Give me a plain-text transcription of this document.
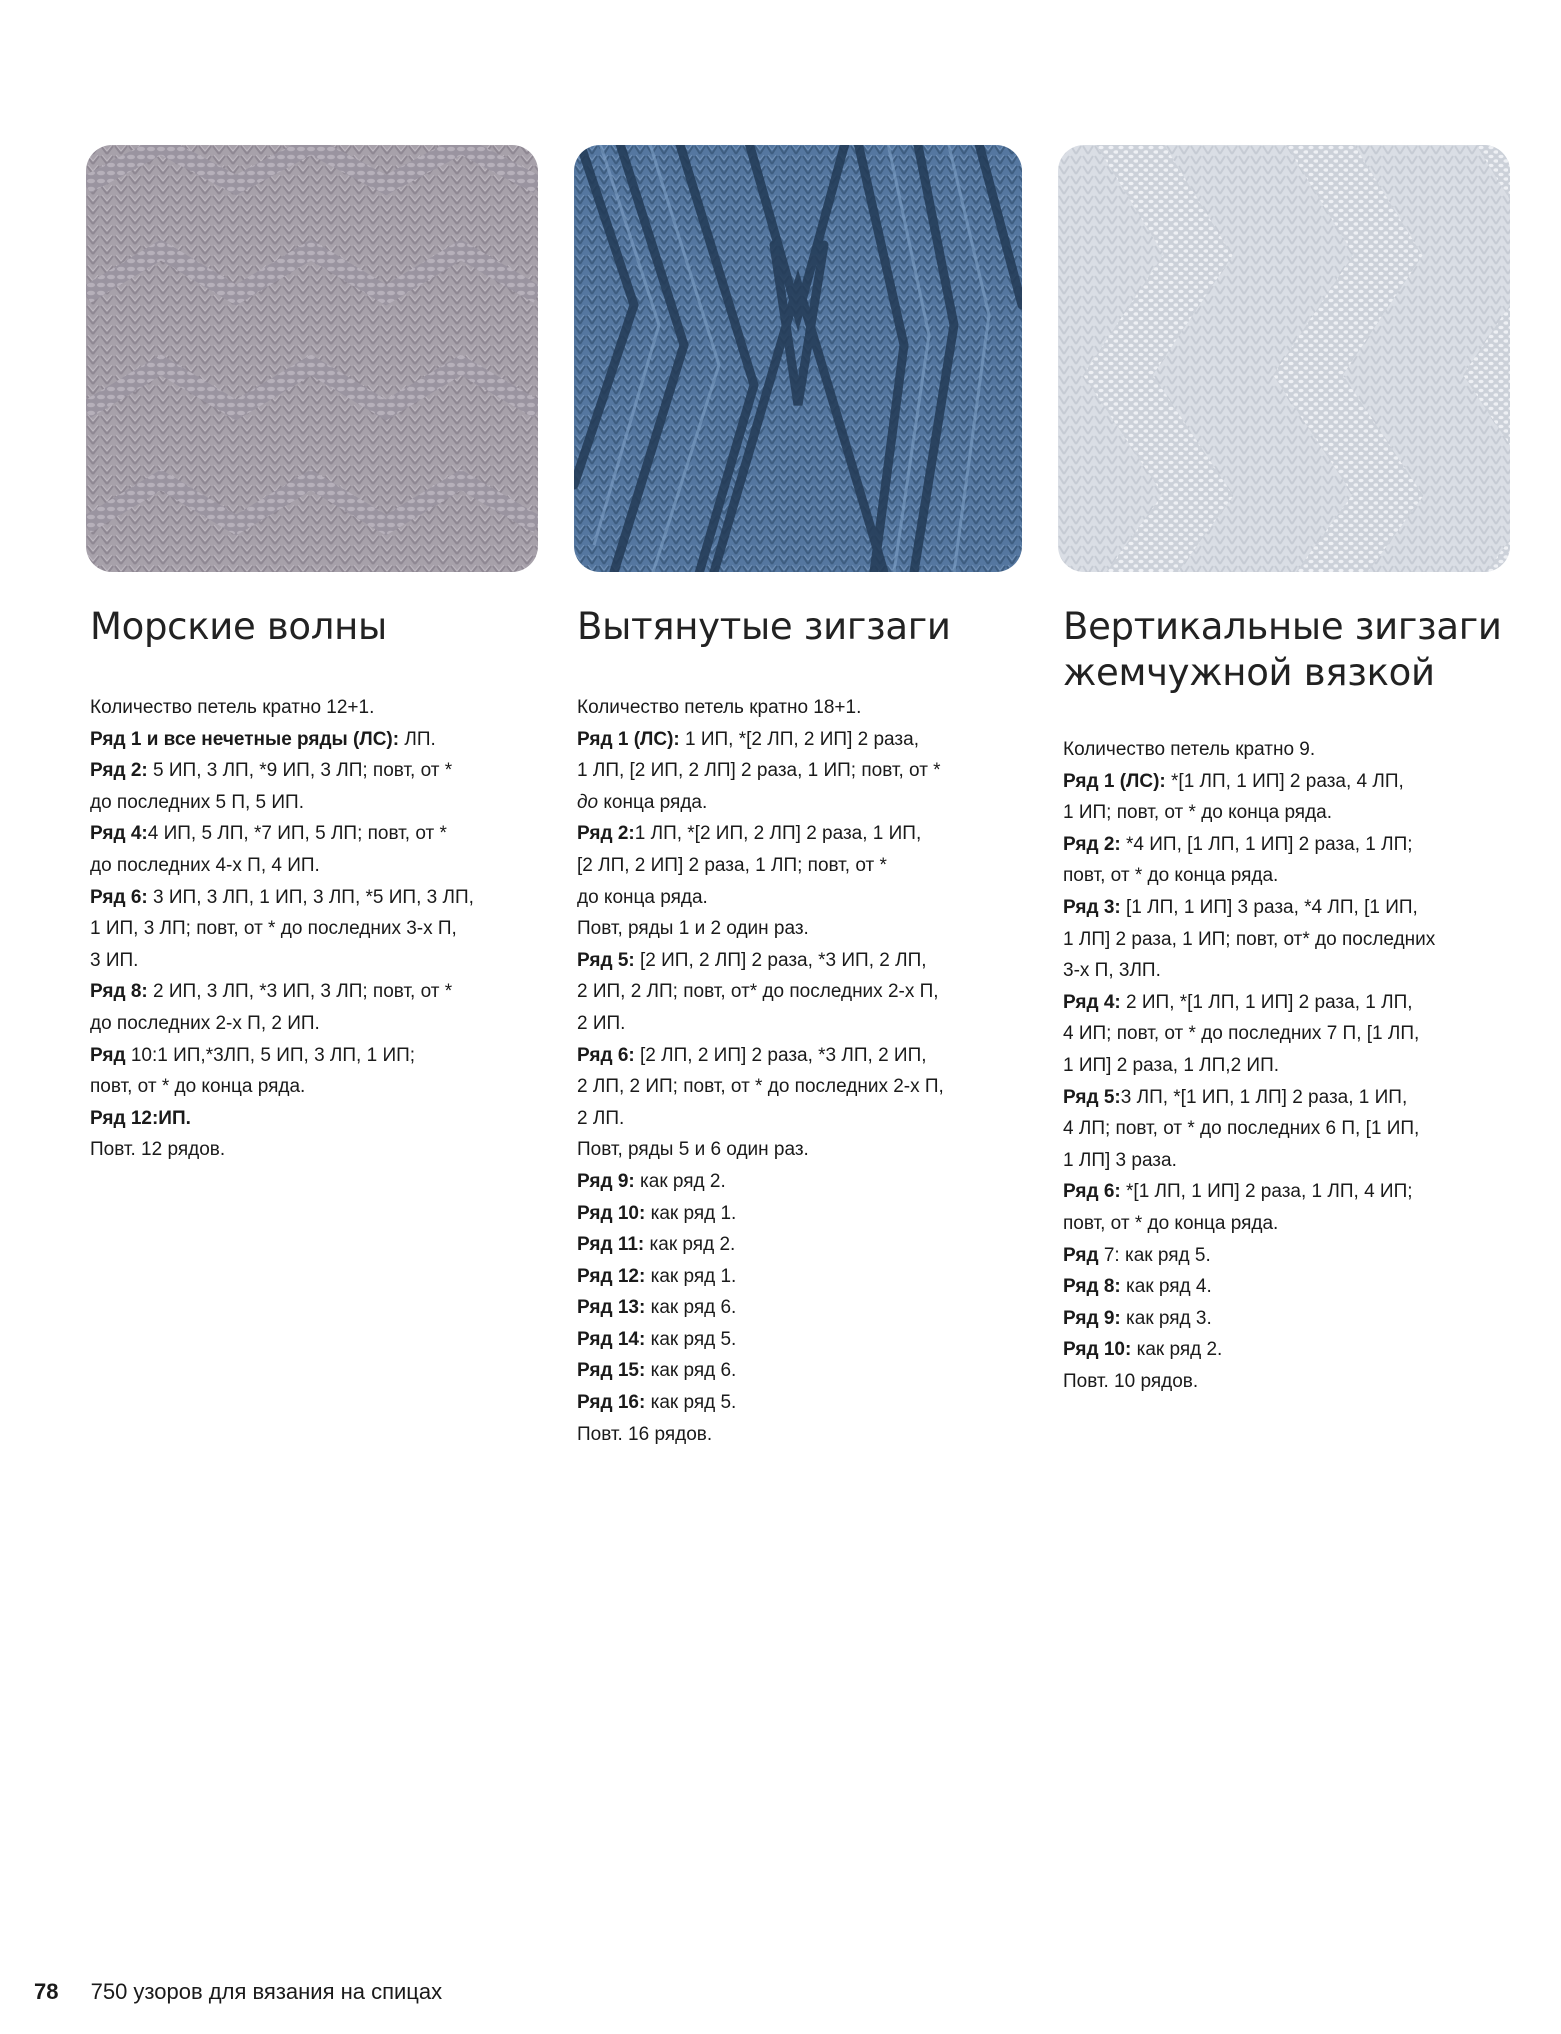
Морские волны
Количество петель кратно 12+1.
Ряд 1 и все нечетные ряды (ЛС): ЛП.
Ряд 2: 5 ИП, 3 ЛП, *9 ИП, 3 ЛП; повт, от *
до последних 5 П, 5 ИП.
Ряд 4:4 ИП, 5 ЛП, *7 ИП, 5 ЛП; повт, от *
до последних 4-х П, 4 ИП.
Ряд 6: 3 ИП, 3 ЛП, 1 ИП, 3 ЛП, *5 ИП, 3 ЛП,
1 ИП, 3 ЛП; повт, от * до последних 3-х П,
3 ИП.
Ряд 8: 2 ИП, 3 ЛП, *3 ИП, 3 ЛП; повт, от *
до последних 2-х П, 2 ИП.
Ряд 10:1 ИП,*3ЛП, 5 ИП, 3 ЛП, 1 ИП;
повт, от * до конца ряда.
Ряд 12:ИП.
Повт. 12 рядов.
Вытянутые зигзаги
Количество петель кратно 18+1.
Ряд 1 (ЛС): 1 ИП, *[2 ЛП, 2 ИП] 2 раза,
1 ЛП, [2 ИП, 2 ЛП] 2 раза, 1 ИП; повт, от *
до конца ряда.
Ряд 2:1 ЛП, *[2 ИП, 2 ЛП] 2 раза, 1 ИП,
[2 ЛП, 2 ИП] 2 раза, 1 ЛП; повт, от *
до конца ряда.
Повт, ряды 1 и 2 один раз.
Ряд 5: [2 ИП, 2 ЛП] 2 раза, *3 ИП, 2 ЛП,
2 ИП, 2 ЛП; повт, от* до последних 2-х П,
2 ИП.
Ряд 6: [2 ЛП, 2 ИП] 2 раза, *3 ЛП, 2 ИП,
2 ЛП, 2 ИП; повт, от * до последних 2-х П,
2 ЛП.
Повт, ряды 5 и 6 один раз.
Ряд 9: как ряд 2.
Ряд 10: как ряд 1.
Ряд 11: как ряд 2.
Ряд 12: как ряд 1.
Ряд 13: как ряд 6.
Ряд 14: как ряд 5.
Ряд 15: как ряд 6.
Ряд 16: как ряд 5.
Повт. 16 рядов.
Вертикальные зигзаги
жемчужной вязкой
Количество петель кратно 9.
Ряд 1 (ЛС): *[1 ЛП, 1 ИП] 2 раза, 4 ЛП,
1 ИП; повт, от * до конца ряда.
Ряд 2: *4 ИП, [1 ЛП, 1 ИП] 2 раза, 1 ЛП;
повт, от * до конца ряда.
Ряд 3: [1 ЛП, 1 ИП] 3 раза, *4 ЛП, [1 ИП,
1 ЛП] 2 раза, 1 ИП; повт, от* до последних
3-х П, 3ЛП.
Ряд 4: 2 ИП, *[1 ЛП, 1 ИП] 2 раза, 1 ЛП,
4 ИП; повт, от * до последних 7 П, [1 ЛП,
1 ИП] 2 раза, 1 ЛП,2 ИП.
Ряд 5:3 ЛП, *[1 ИП, 1 ЛП] 2 раза, 1 ИП,
4 ЛП; повт, от * до последних 6 П, [1 ИП,
1 ЛП] 3 раза.
Ряд 6: *[1 ЛП, 1 ИП] 2 раза, 1 ЛП, 4 ИП;
повт, от * до конца ряда.
Ряд 7: как ряд 5.
Ряд 8: как ряд 4.
Ряд 9: как ряд 3.
Ряд 10: как ряд 2.
Повт. 10 рядов.
78 750 узоров для вязания на спицах
